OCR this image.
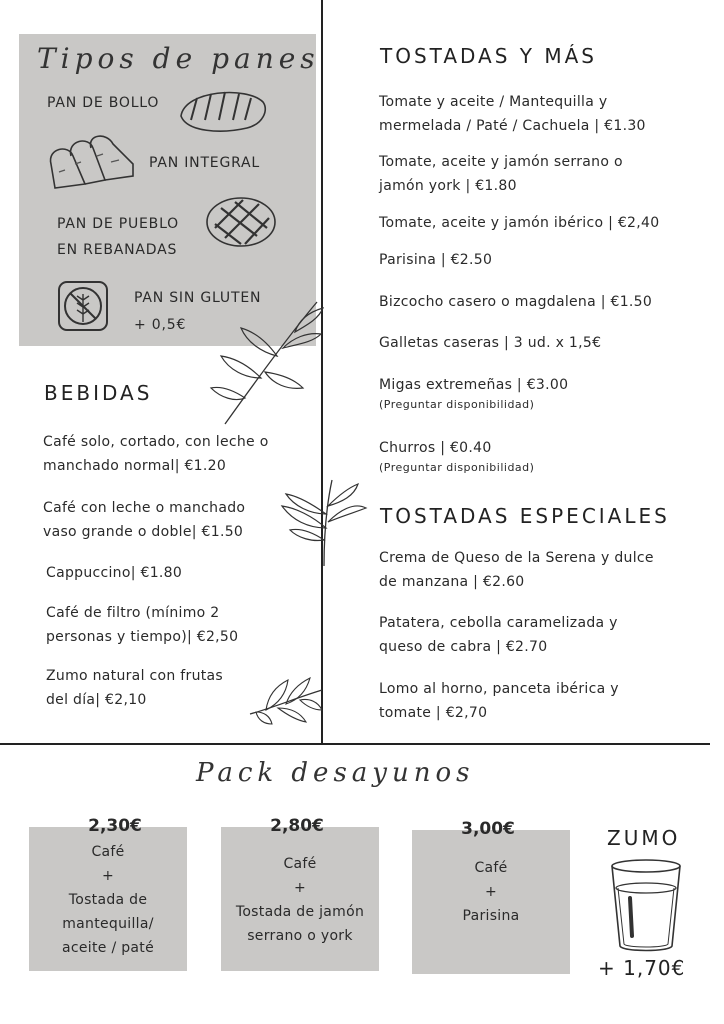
Tipos de panes
PAN DE BOLLO
PAN INTEGRAL
PAN DE PUEBLO
EN REBANADAS
PAN SIN GLUTEN
+ 0,5€
BEBIDAS
Café solo, cortado, con leche o
manchado normal| €1.20
Café con leche o manchado
vaso grande o doble| €1.50
Cappuccino| €1.80
Café de filtro (mínimo 2
personas y tiempo)| €2,50
Zumo natural con frutas
del día| €2,10
TOSTADAS Y MÁS
Tomate y aceite / Mantequilla y
mermelada / Paté / Cachuela | €1.30
Tomate, aceite y jamón serrano o
jamón york | €1.80
Tomate, aceite y jamón ibérico | €2,40
Parisina | €2.50
Bizcocho casero o magdalena | €1.50
Galletas caseras | 3 ud. x 1,5€
Migas extremeñas | €3.00
(Preguntar disponibilidad)
Churros | €0.40
(Preguntar disponibilidad)
TOSTADAS ESPECIALES
Crema de Queso de la Serena y dulce
de manzana | €2.60
Patatera, cebolla caramelizada y
queso de cabra | €2.70
Lomo al horno, panceta ibérica y
tomate | €2,70
Pack desayunos
Café
+
Tostada de
mantequilla/
aceite / paté
2,30€
Café
+
Tostada de jamón
serrano o york
2,80€
Café
+
Parisina
3,00€	ZUMO
+ 1,70€
